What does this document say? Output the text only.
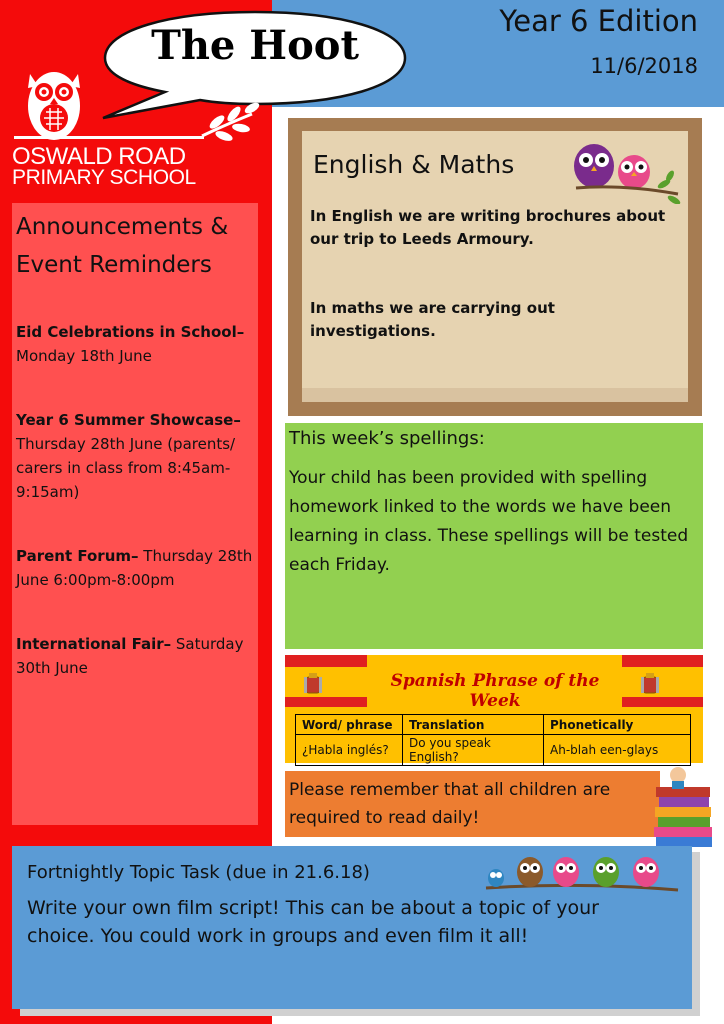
The Hoot
Year 6 Edition
11/6/2018
OSWALD ROAD
PRIMARY SCHOOL
Announcements & Event Reminders
Eid Celebrations in School–
Monday 18th June
Year 6 Summer Showcase–
Thursday 28th June (parents/ carers in class from 8:45am-9:15am)
Parent Forum– Thursday 28th June 6:00pm-8:00pm
International Fair– Saturday 30th June
English & Maths
In English we are writing brochures about our trip to Leeds Armoury.
In maths we are carrying out investigations.
This week’s spellings:
Your child has been provided with spelling homework linked to the words we have been learning in class. These spellings will be tested each Friday.
Spanish Phrase of the Week
Word/ phrase	Translation	Phonetically
¿Habla inglés?	Do you speak English?	Ah-blah een-glays
Please remember that all children are required to read daily!
Fortnightly Topic Task (due in 21.6.18)
Write your own film script! This can be about a topic of your choice. You could work in groups and even film it all!
